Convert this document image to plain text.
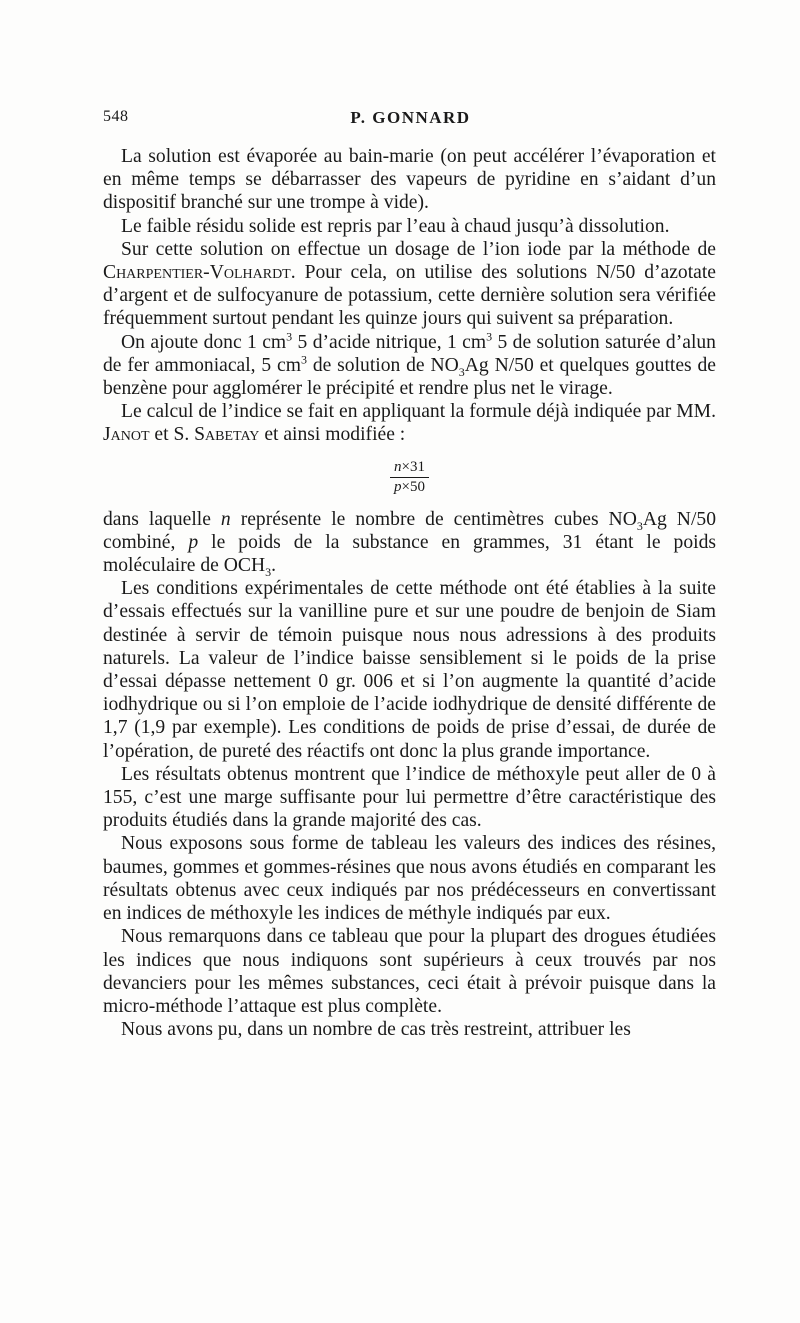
548	P. GONNARD

La solution est évaporée au bain-marie (on peut accélérer l’évaporation et en même temps se débarrasser des vapeurs de pyridine en s’aidant d’un dispositif branché sur une trompe à vide).

Le faible résidu solide est repris par l’eau à chaud jusqu’à dissolution.

Sur cette solution on effectue un dosage de l’ion iode par la méthode de Charpentier-Volhardt. Pour cela, on utilise des solutions N/50 d’azotate d’argent et de sulfocyanure de potassium, cette dernière solution sera vérifiée fréquemment surtout pendant les quinze jours qui suivent sa préparation.

On ajoute donc 1 $cm^3$ 5 d’acide nitrique, 1 $cm^3$ 5 de solution saturée d’alun de fer ammoniacal, 5 $cm^3$ de solution de $NO_3Ag$ N/50 et quelques gouttes de benzène pour agglomérer le précipité et rendre plus net le virage.

Le calcul de l’indice se fait en appliquant la formule déjà indiquée par MM. Janot et S. Sabetay et ainsi modifiée :

$\frac{n\times 31}{p\times 50}$

dans laquelle n représente le nombre de centimètres cubes $NO_3Ag$ N/50 combiné, p le poids de la substance en grammes, 31 étant le poids moléculaire de $OCH_3$.

Les conditions expérimentales de cette méthode ont été établies à la suite d’essais effectués sur la vanilline pure et sur une poudre de benjoin de Siam destinée à servir de témoin puisque nous nous adressions à des produits naturels. La valeur de l’indice baisse sensiblement si le poids de la prise d’essai dépasse nettement 0 gr. 006 et si l’on augmente la quantité d’acide iodhydrique ou si l’on emploie de l’acide iodhydrique de densité différente de 1,7 (1,9 par exemple). Les conditions de poids de prise d’essai, de durée de l’opération, de pureté des réactifs ont donc la plus grande importance.

Les résultats obtenus montrent que l’indice de méthoxyle peut aller de 0 à 155, c’est une marge suffisante pour lui permettre d’être caractéristique des produits étudiés dans la grande majorité des cas.

Nous exposons sous forme de tableau les valeurs des indices des résines, baumes, gommes et gommes-résines que nous avons étudiés en comparant les résultats obtenus avec ceux indiqués par nos prédécesseurs en convertissant en indices de méthoxyle les indices de méthyle indiqués par eux.

Nous remarquons dans ce tableau que pour la plupart des drogues étudiées les indices que nous indiquons sont supérieurs à ceux trouvés par nos devanciers pour les mêmes substances, ceci était à prévoir puisque dans la micro-méthode l’attaque est plus complète.

Nous avons pu, dans un nombre de cas très restreint, attribuer les
